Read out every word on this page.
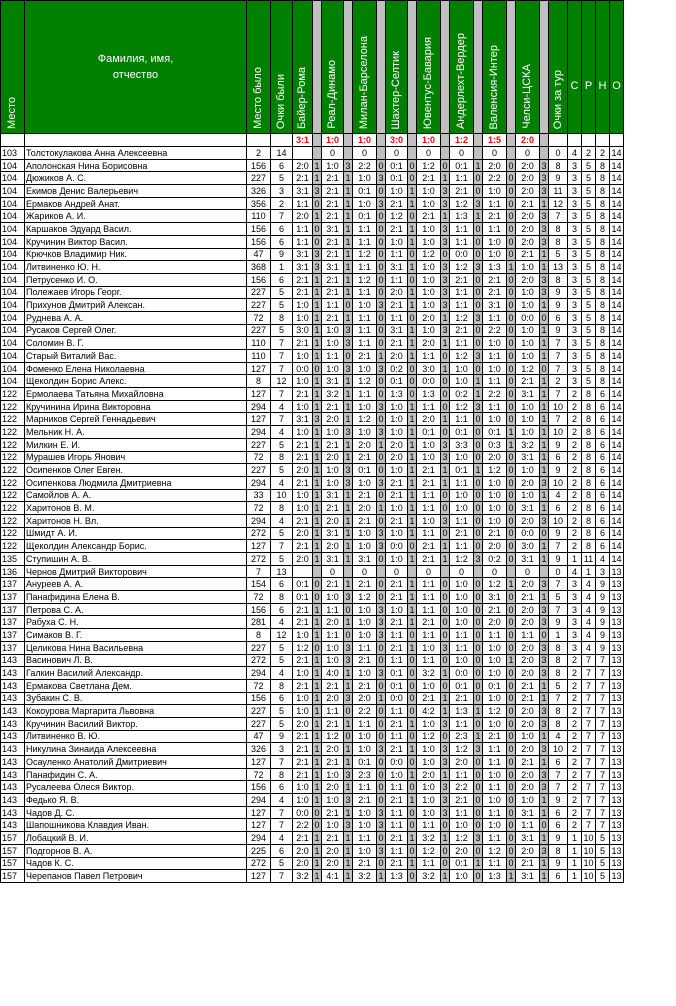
Место	Фамилия, имя,
отчество	Место было	Очки были	Байер-Рома		Реал-Динамо		Милан-Барселона		Шахтер-Селтик		Ювентус-Бавария		Андерлехт-Вердер		Валенсия-Интер		Челси-ЦСКА		Очки за тур	С	Р	Н	О
				3:1		1:0		1:0		3:0		1:0		1:2		1:5		2:0						
103	Толстокулакова Анна Алексеевна	2	14			0		0		0		0		0		0		0		0	4	2	2	14
104	Аполонская Нина Борисовна	156	6	2:0	1	1:0	3	2:2	0	0:1	0	1:2	0	0:1	1	2:0	0	2:0	3	8	3	5	8	14
104	Дюжиков А. С.	227	5	2:1	1	2:1	1	1:0	3	0:1	0	2:1	1	1:1	0	2:2	0	2:0	3	9	3	5	8	14
104	Екимов Денис Валерьевич	326	3	3:1	3	2:1	1	0:1	0	1:0	1	1:0	3	2:1	0	1:0	0	2:0	3	11	3	5	8	14
104	Ермаков Андрей Анат.	356	2	1:1	0	2:1	1	1:0	3	2:1	1	1:0	3	1:2	3	1:1	0	2:1	1	12	3	5	8	14
104	Жариков А. И.	110	7	2:0	1	2:1	1	0:1	0	1:2	0	2:1	1	1:3	1	2:1	0	2:0	3	7	3	5	8	14
104	Каршаков Эдуард Васил.	156	6	1:1	0	3:1	1	1:1	0	2:1	1	1:0	3	1:1	0	1:1	0	2:0	3	8	3	5	8	14
104	Кручинин Виктор Васил.	156	6	1:1	0	2:1	1	1:1	0	1:0	1	1:0	3	1:1	0	1:0	0	2:0	3	8	3	5	8	14
104	Крючков Владимир Ник.	47	9	3:1	3	2:1	1	1:2	0	1:1	0	1:2	0	0:0	0	1:0	0	2:1	1	5	3	5	8	14
104	Литвиненко Ю. Н.	368	1	3:1	3	3:1	1	1:1	0	3:1	1	1:0	3	1:2	3	1:3	1	1:0	1	13	3	5	8	14
104	Петрусенко И. О.	156	6	2:1	1	2:1	1	1:2	0	1:1	0	1:0	3	2:1	0	2:1	0	2:0	3	8	3	5	8	14
104	Полежаев Игорь Георг.	227	5	2:1	1	2:1	1	1:1	0	2:0	1	1:0	3	1:1	0	2:1	0	1:0	3	9	3	5	8	14
104	Прихунов Дмитрий Алексан.	227	5	1:0	1	1:1	0	1:0	3	2:1	1	1:0	3	1:1	0	3:1	0	1:0	1	9	3	5	8	14
104	Руднева А. А.	72	8	1:0	1	2:1	1	1:1	0	1:1	0	2:0	1	1:2	3	1:1	0	0:0	0	6	3	5	8	14
104	Русаков Сергей Олег.	227	5	3:0	1	1:0	3	1:1	0	3:1	1	1:0	3	2:1	0	2:2	0	1:0	1	9	3	5	8	14
104	Соломин В. Г.	110	7	2:1	1	1:0	3	1:1	0	2:1	1	2:0	1	1:1	0	1:0	0	1:0	1	7	3	5	8	14
104	Старый Виталий Вас.	110	7	1:0	1	1:1	0	2:1	1	2:0	1	1:1	0	1:2	3	1:1	0	1:0	1	7	3	5	8	14
104	Фоменко Елена Николаевна	127	7	0:0	0	1:0	3	1:0	3	0:2	0	3:0	1	1:0	0	1:0	0	1:2	0	7	3	5	8	14
104	Щеколдин Борис Алекс.	8	12	1:0	1	3:1	1	1:2	0	0:1	0	0:0	0	1:0	1	1:1	0	2:1	1	2	3	5	8	14
122	Ермолаева Татьяна Михайловна	127	7	2:1	1	3:2	1	1:1	0	1:3	0	1:3	0	0:2	1	2:2	0	3:1	1	7	2	8	6	14
122	Кручинина Ирина Викторовна	294	4	1:0	1	2:1	1	1:0	3	1:0	1	1:1	0	1:2	3	1:1	0	1:0	1	10	2	8	6	14
122	Марников Сергей Геннадьевич	127	7	3:1	3	2:0	1	1:2	0	1:0	1	2:0	1	1:1	0	1:0	0	1:0	1	7	2	8	6	14
122	Мельник Н. А.	294	4	1:0	1	1:0	3	1:0	3	1:0	1	0:1	0	0:1	0	0:1	1	1:0	1	10	2	8	6	14
122	Милкин Е. И.	227	5	2:1	1	2:1	1	2:0	1	2:0	1	1:0	3	3:3	0	0:3	1	3:2	1	9	2	8	6	14
122	Мурашев Игорь Янович	72	8	2:1	1	2:0	1	2:1	0	2:0	1	1:0	3	1:0	0	2:0	0	3:1	1	6	2	8	6	14
122	Осипенков Олег Евген.	227	5	2:0	1	1:0	3	0:1	0	1:0	1	2:1	1	0:1	1	1:2	0	1:0	1	9	2	8	6	14
122	Осипенкова Людмила Дмитриевна	294	4	2:1	1	1:0	3	1:0	3	2:1	1	2:1	1	1:1	0	1:0	0	2:0	3	10	2	8	6	14
122	Самойлов А. А.	33	10	1:0	1	3:1	1	2:1	0	2:1	1	1:1	0	1:0	0	1:0	0	1:0	1	4	2	8	6	14
122	Харитонов В. М.	72	8	1:0	1	2:1	1	2:0	1	1:0	1	1:1	0	1:0	0	1:0	0	3:1	1	6	2	8	6	14
122	Харитонов Н. Вл.	294	4	2:1	1	2:0	1	2:1	0	2:1	1	1:0	3	1:1	0	1:0	0	2:0	3	10	2	8	6	14
122	Шмидт А. И.	272	5	2:0	1	3:1	1	1:0	3	1:0	1	1:1	0	2:1	0	2:1	0	0:0	0	9	2	8	6	14
122	Щеколдин Александр Борис.	127	7	2:1	1	2:0	1	1:0	3	0:0	0	2:1	1	1:1	0	2:0	0	3:0	1	7	2	8	6	14
135	Ступишин А. В.	272	5	2:0	1	3:1	1	3:1	0	1:0	1	2:1	1	1:2	3	0:2	0	3:1	1	9	1	11	4	14
136	Чернов Дмитрий Викторович	7	13			0		0		0		0		0		0		0		0	4	1	3	13
137	Ануреев А. А.	154	6	0:1	0	2:1	1	2:1	0	2:1	1	1:1	0	1:0	0	1:2	1	2:0	3	7	3	4	9	13
137	Панафидина Елена В.	72	8	0:1	0	1:0	3	1:2	0	2:1	1	1:1	0	1:0	0	3:1	0	2:1	1	5	3	4	9	13
137	Петрова С. А.	156	6	2:1	1	1:1	0	1:0	3	1:0	1	1:1	0	1:0	0	2:1	0	2:0	3	7	3	4	9	13
137	Рабуха С. Н.	281	4	2:1	1	2:0	1	1:0	3	2:1	1	2:1	0	1:0	0	2:0	0	2:0	3	9	3	4	9	13
137	Симаков В. Г.	8	12	1:0	1	1:1	0	1:0	3	1:1	0	1:1	0	1:1	0	1:1	0	1:1	0	1	3	4	9	13
137	Целикова Нина Васильевна	227	5	1:2	0	1:0	3	1:1	0	2:1	1	1:0	3	1:1	0	1:0	0	2:0	3	8	3	4	9	13
143	Васинович Л. В.	272	5	2:1	1	1:0	3	2:1	0	1:1	0	1:1	0	1:0	0	1:0	1	2:0	3	8	2	7	7	13
143	Галкин Василий Александр.	294	4	1:0	1	4:0	1	1:0	3	0:1	0	3:2	1	0:0	0	1:0	0	2:0	3	8	2	7	7	13
143	Ермакова Светлана Дем.	72	8	2:1	1	2:1	1	2:1	0	0:1	0	1:0	0	0:1	0	0:1	0	2:1	1	5	2	7	7	13
143	Зубакин С. В.	156	6	1:0	1	2:0	3	2:0	1	0:0	0	2:1	1	2:1	0	1:0	0	2:1	1	7	2	7	7	13
143	Кокоурова Маргарита Львовна	227	5	1:0	1	1:1	0	2:2	0	1:1	0	4:2	1	1:3	1	1:2	0	2:0	3	8	2	7	7	13
143	Кручинин Василий Виктор.	227	5	2:0	1	2:1	1	1:1	0	2:1	1	1:0	3	1:1	0	1:0	0	2:0	3	8	2	7	7	13
143	Литвиненко В. Ю.	47	9	2:1	1	1:2	0	1:0	0	1:1	0	1:2	0	2:3	1	2:1	0	1:0	1	4	2	7	7	13
143	Никулина Зинаида Алексеевна	326	3	2:1	1	2:0	1	1:0	3	2:1	1	1:0	3	1:2	3	1:1	0	2:0	3	10	2	7	7	13
143	Осауленко Анатолий Дмитриевич	127	7	2:1	1	2:1	1	0:1	0	0:0	0	1:0	3	2:0	0	1:1	0	2:1	1	6	2	7	7	13
143	Панафидин С. А.	72	8	2:1	1	1:0	3	2:3	0	1:0	1	2:0	1	1:1	0	1:0	0	2:0	3	7	2	7	7	13
143	Русалеева Олеся Виктор.	156	6	1:0	1	2:0	1	1:1	0	1:1	0	1:0	3	2:2	0	1:1	0	2:0	3	7	2	7	7	13
143	Федько Я. В.	294	4	1:0	1	1:0	3	2:1	0	2:1	1	1:0	3	2:1	0	1:0	0	1:0	1	9	2	7	7	13
143	Чадов Д. С.	127	7	0:0	0	2:1	1	1:0	3	1:1	0	1:0	3	1:1	0	1:1	0	3:1	1	6	2	7	7	13
143	Шапошникова Клавдия Иван.	127	7	2:2	0	1:0	3	1:0	3	1:1	0	1:1	0	1:0	0	1:0	0	1:1	0	6	2	7	7	13
157	Лобацкий В. И.	294	4	2:1	1	2:1	1	1:1	0	2:1	1	3:2	1	1:2	3	1:1	0	3:1	1	9	1	10	5	13
157	Подгорнов В. А.	225	6	2:0	1	2:0	1	1:0	3	1:1	0	1:2	0	2:0	0	1:2	0	2:0	3	8	1	10	5	13
157	Чадов К. С.	272	5	2:0	1	2:0	1	2:1	0	2:1	1	1:1	0	0:1	1	1:1	0	2:1	1	9	1	10	5	13
157	Черепанов Павел Петрович	127	7	3:2	1	4:1	1	3:2	1	1:3	0	3:2	1	1:0	0	1:3	1	3:1	1	6	1	10	5	13
